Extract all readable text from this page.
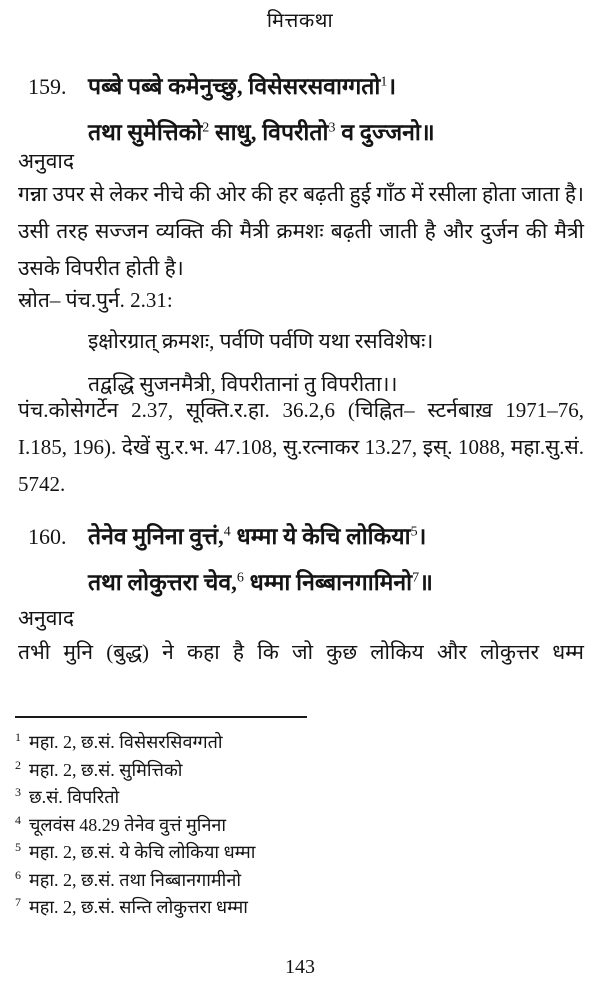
मित्तकथा
159. पब्बे पब्बे कमेनुच्छु, विसेसरसवाग्गतो$^1$।
तथा सुमेत्तिको$^2$ साधु, विपरीतो$^3$ व दुज्जनो॥
अनुवाद
गन्ना उपर से लेकर नीचे की ओर की हर बढ़ती हुई गाँठ में रसीला होता जाता है। उसी तरह सज्जन व्यक्ति की मैत्री क्रमशः बढ़ती जाती है और दुर्जन की मैत्री उसके विपरीत होती है।
स्रोत– पंच.पुर्न. 2.31:
इक्षोरग्रात् क्रमशः, पर्वणि पर्वणि यथा रसविशेषः।
तद्वद्धि सुजनमैत्री, विपरीतानां तु विपरीता।।
पंच.कोसेगर्टेन 2.37, सूक्ति.र.हा. 36.2,6 (चिह्नित– स्टर्नबाख़ 1971–76, I.185, 196). देखें सु.र.भ. 47.108, सु.रत्नाकर 13.27, इस्. 1088, महा.सु.सं. 5742.
160. तेनेव मुनिना वुत्तं,$^4$ धम्मा ये केचि लोकिया$^5$।
तथा लोकुत्तरा चेव,$^6$ धम्मा निब्बानगामिनो$^7$॥
अनुवाद
तभी मुनि (बुद्ध) ने कहा है कि जो कुछ लोकिय और लोकुत्तर धम्म
$^1$ महा. 2, छ.सं. विसेसरसिवग्गतो
$^2$ महा. 2, छ.सं. सुमित्तिको
$^3$ छ.सं. विपरितो
$^4$ चूलवंस 48.29 तेनेव वुत्तं मुनिना
$^5$ महा. 2, छ.सं. ये केचि लोकिया धम्मा
$^6$ महा. 2, छ.सं. तथा निब्बानगामीनो
$^7$ महा. 2, छ.सं. सन्ति लोकुत्तरा धम्मा
143
